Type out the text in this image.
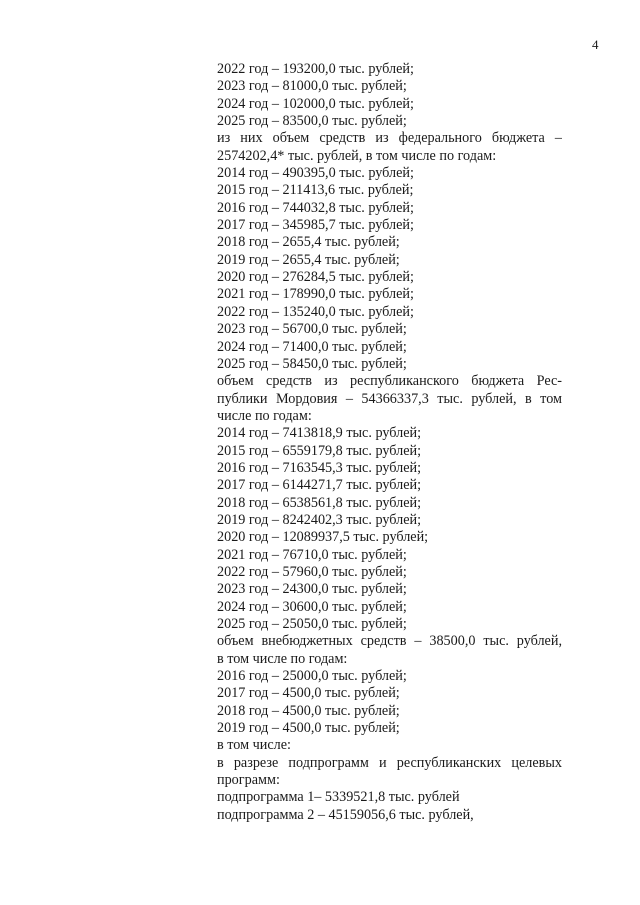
4
2022 год – 193200,0 тыс. рублей;
2023 год – 81000,0 тыс. рублей;
2024 год – 102000,0 тыс. рублей;
2025 год – 83500,0 тыс. рублей;
из них объем средств из федерального бюджета –
2574202,4* тыс. рублей, в том числе по годам:
2014 год – 490395,0 тыс. рублей;
2015 год – 211413,6 тыс. рублей;
2016 год – 744032,8 тыс. рублей;
2017 год – 345985,7 тыс. рублей;
2018 год – 2655,4 тыс. рублей;
2019 год – 2655,4 тыс. рублей;
2020 год – 276284,5 тыс. рублей;
2021 год – 178990,0 тыс. рублей;
2022 год – 135240,0 тыс. рублей;
2023 год – 56700,0 тыс. рублей;
2024 год – 71400,0 тыс. рублей;
2025 год – 58450,0 тыс. рублей;
объем средств из республиканского бюджета Рес-
публики Мордовия – 54366337,3 тыс. рублей, в том
числе по годам:
2014 год – 7413818,9 тыс. рублей;
2015 год – 6559179,8 тыс. рублей;
2016 год – 7163545,3 тыс. рублей;
2017 год – 6144271,7 тыс. рублей;
2018 год – 6538561,8 тыс. рублей;
2019 год – 8242402,3 тыс. рублей;
2020 год – 12089937,5 тыс. рублей;
2021 год – 76710,0 тыс. рублей;
2022 год – 57960,0 тыс. рублей;
2023 год – 24300,0 тыс. рублей;
2024 год – 30600,0 тыс. рублей;
2025 год – 25050,0 тыс. рублей;
объем внебюджетных средств – 38500,0 тыс. рублей,
в том числе по годам:
2016 год – 25000,0 тыс. рублей;
2017 год – 4500,0 тыс. рублей;
2018 год – 4500,0 тыс. рублей;
2019 год – 4500,0 тыс. рублей;
в том числе:
в разрезе подпрограмм и республиканских целевых
программ:
подпрограмма 1– 5339521,8 тыс. рублей
подпрограмма 2 – 45159056,6 тыс. рублей,
